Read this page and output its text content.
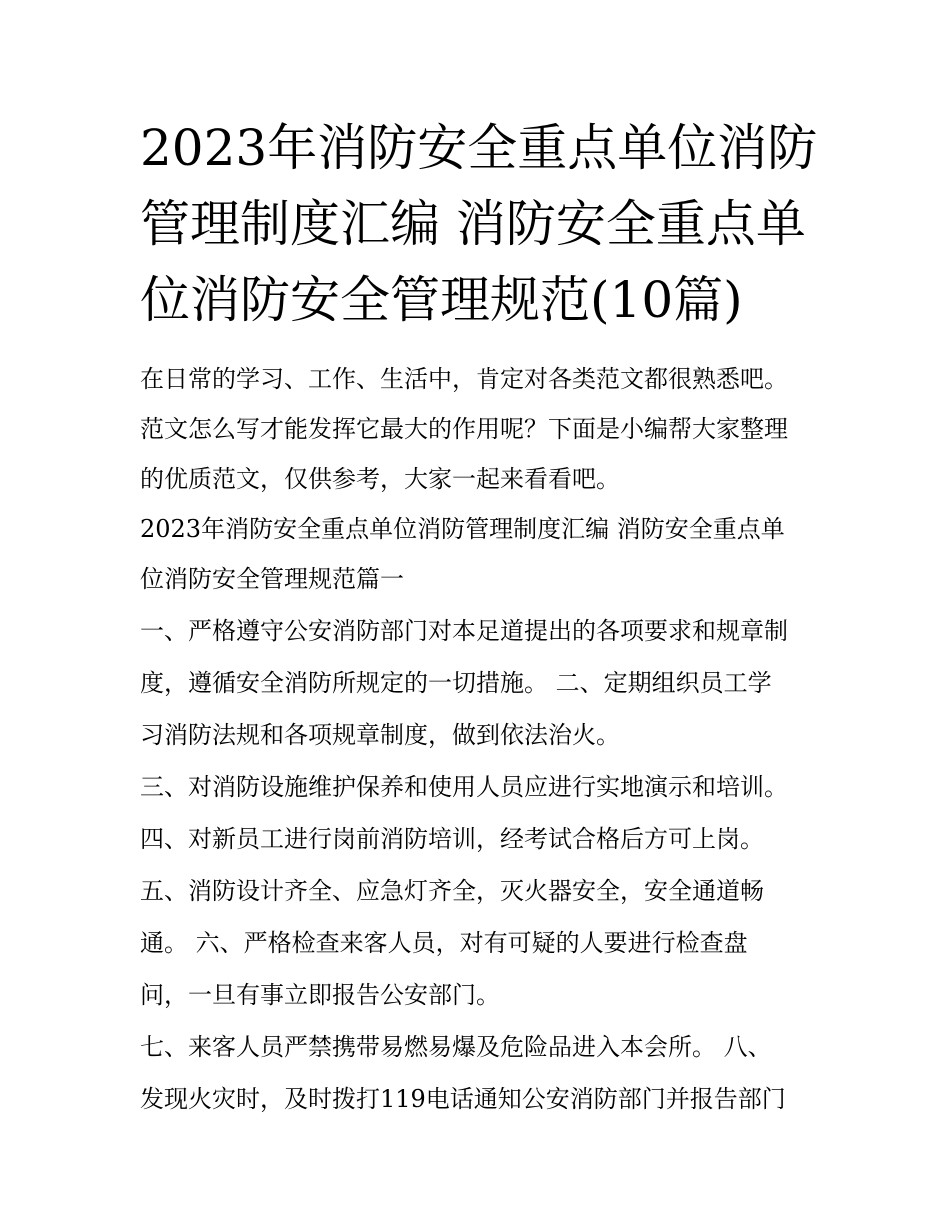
2023年消防安全重点单位消防
管理制度汇编 消防安全重点单
位消防安全管理规范(10篇)
在日常的学习、工作、生活中，肯定对各类范文都很熟悉吧。
范文怎么写才能发挥它最大的作用呢？下面是小编帮大家整理
的优质范文，仅供参考，大家一起来看看吧。
2023年消防安全重点单位消防管理制度汇编 消防安全重点单
位消防安全管理规范篇一
一、严格遵守公安消防部门对本足道提出的各项要求和规章制
度，遵循安全消防所规定的一切措施。 二、定期组织员工学
习消防法规和各项规章制度，做到依法治火。
三、对消防设施维护保养和使用人员应进行实地演示和培训。
四、对新员工进行岗前消防培训，经考试合格后方可上岗。
五、消防设计齐全、应急灯齐全，灭火器安全，安全通道畅
通。 六、严格检查来客人员，对有可疑的人要进行检查盘
问，一旦有事立即报告公安部门。
七、来客人员严禁携带易燃易爆及危险品进入本会所。 八、
发现火灾时，及时拨打119电话通知公安消防部门并报告部门
